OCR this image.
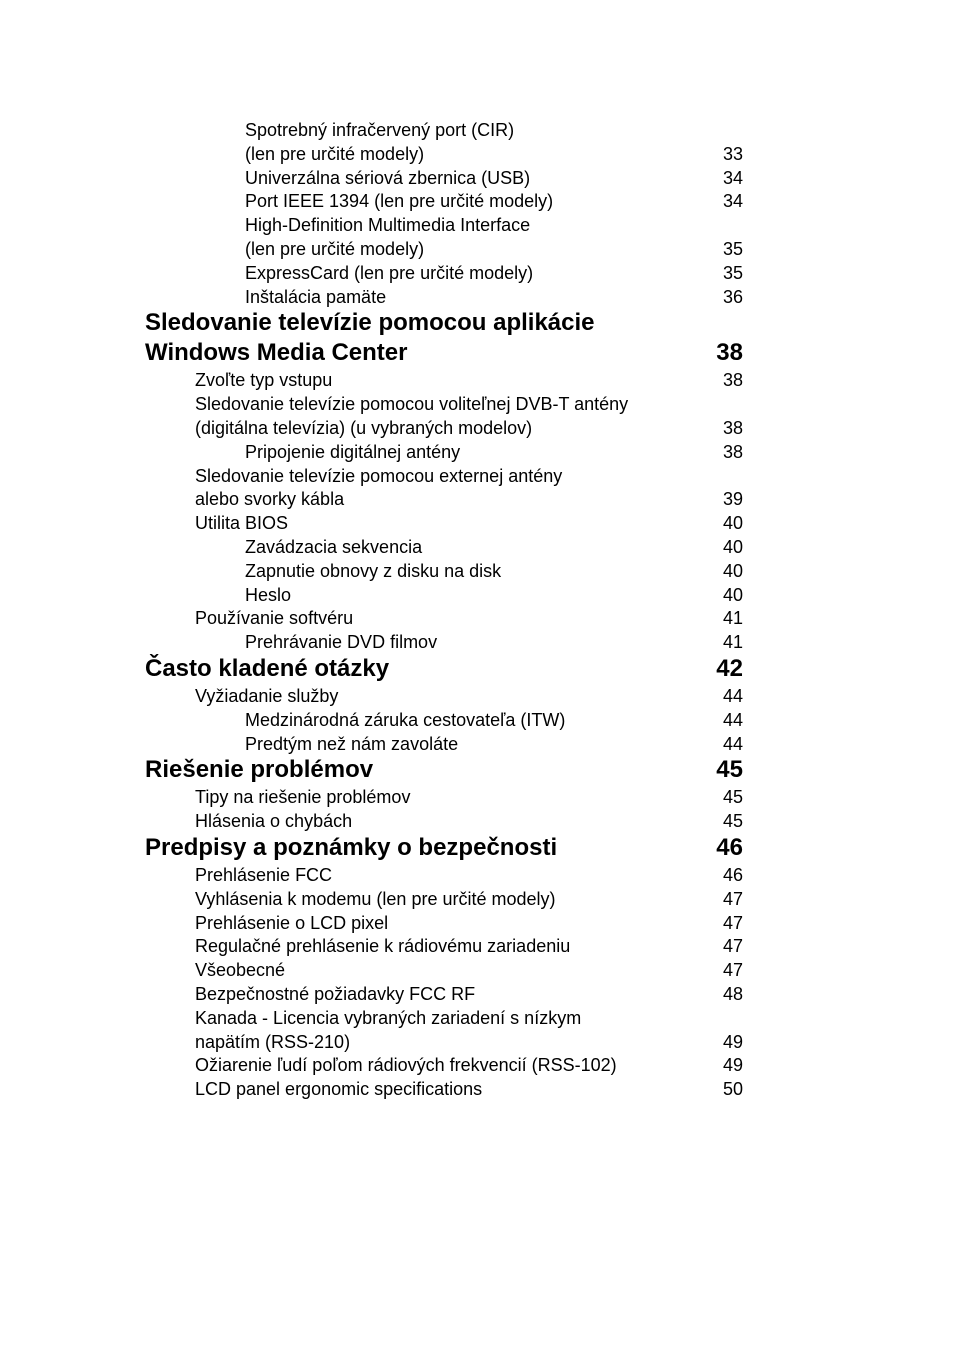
Spotrebný infračervený port (CIR)
(len pre určité modely)	33
Univerzálna sériová zbernica (USB)	34
Port IEEE 1394 (len pre určité modely)	34
High-Definition Multimedia Interface
(len pre určité modely)	35
ExpressCard (len pre určité modely)	35
Inštalácia pamäte	36
Sledovanie televízie pomocou aplikácie
Windows Media Center	38
Zvoľte typ vstupu	38
Sledovanie televízie pomocou voliteľnej DVB-T antény
(digitálna televízia) (u vybraných modelov)	38
Pripojenie digitálnej antény	38
Sledovanie televízie pomocou externej antény
alebo svorky kábla	39
Utilita BIOS	40
Zavádzacia sekvencia	40
Zapnutie obnovy z disku na disk	40
Heslo	40
Používanie softvéru	41
Prehrávanie DVD filmov	41
Často kladené otázky	42
Vyžiadanie služby	44
Medzinárodná záruka cestovateľa (ITW)	44
Predtým než nám zavoláte	44
Riešenie problémov	45
Tipy na riešenie problémov	45
Hlásenia o chybách	45
Predpisy a poznámky o bezpečnosti	46
Prehlásenie FCC	46
Vyhlásenia k modemu (len pre určité modely)	47
Prehlásenie o LCD pixel	47
Regulačné prehlásenie k rádiovému zariadeniu	47
Všeobecné	47
Bezpečnostné požiadavky FCC RF	48
Kanada - Licencia vybraných zariadení s nízkym
napätím (RSS-210)	49
Ožiarenie ľudí poľom rádiových frekvencií (RSS-102)	49
LCD panel ergonomic specifications	50
